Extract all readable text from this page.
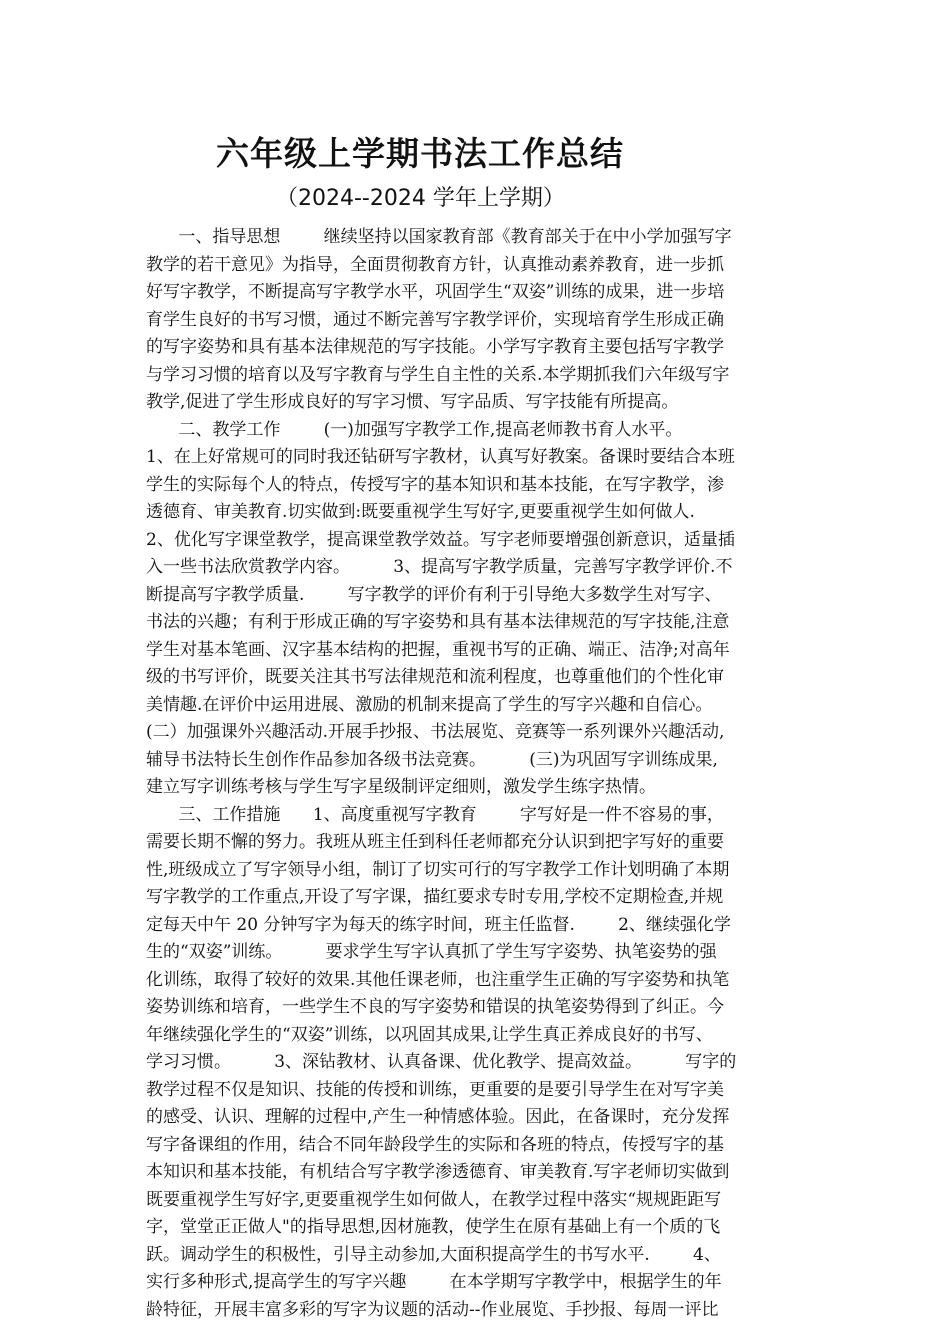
六年级上学期书法工作总结

（2024--2024 学年上学期）

一、指导思想        继续坚持以国家教育部《教育部关于在中小学加强写字
教学的若干意见》为指导，全面贯彻教育方针，认真推动素养教育，进一步抓
好写字教学，不断提高写字教学水平，巩固学生“双姿”训练的成果，进一步培
育学生良好的书写习惯，通过不断完善写字教学评价，实现培育学生形成正确
的写字姿势和具有基本法律规范的写字技能。小学写字教育主要包括写字教学
与学习习惯的培育以及写字教育与学生自主性的关系.本学期抓我们六年级写字
教学,促进了学生形成良好的写字习惯、写字品质、写字技能有所提高。
二、教学工作        (一)加强写字教学工作,提高老师教书育人水平。
1、在上好常规可的同时我还钻研写字教材，认真写好教案。备课时要结合本班
学生的实际每个人的特点，传授写字的基本知识和基本技能，在写字教学，渗
透德育、审美教育.切实做到:既要重视学生写好字,更要重视学生如何做人.
2、优化写字课堂教学，提高课堂教学效益。写字老师要增强创新意识，适量插
入一些书法欣赏教学内容。        3、提高写字教学质量，完善写字教学评价.不
断提高写字教学质量.        写字教学的评价有利于引导绝大多数学生对写字、
书法的兴趣；有利于形成正确的写字姿势和具有基本法律规范的写字技能,注意
学生对基本笔画、汉字基本结构的把握，重视书写的正确、端正、洁净;对高年
级的书写评价，既要关注其书写法律规范和流利程度，也尊重他们的个性化审
美情趣.在评价中运用进展、激励的机制来提高了学生的写字兴趣和自信心。
(二）加强课外兴趣活动.开展手抄报、书法展览、竞赛等一系列课外兴趣活动,
辅导书法特长生创作作品参加各级书法竞赛。        (三)为巩固写字训练成果,
建立写字训练考核与学生写字星级制评定细则，激发学生练字热情。
三、工作措施      1、高度重视写字教育        字写好是一件不容易的事，
需要长期不懈的努力。我班从班主任到科任老师都充分认识到把字写好的重要
性,班级成立了写字领导小组，制订了切实可行的写字教学工作计划明确了本期
写字教学的工作重点,开设了写字课，描红要求专时专用,学校不定期检查,并规
定每天中午 20 分钟写字为每天的练字时间，班主任监督.        2、继续强化学
生的“双姿”训练。        要求学生写字认真抓了学生写字姿势、执笔姿势的强
化训练，取得了较好的效果.其他任课老师，也注重学生正确的写字姿势和执笔
姿势训练和培育，一些学生不良的写字姿势和错误的执笔姿势得到了纠正。今
年继续强化学生的“双姿”训练，以巩固其成果,让学生真正养成良好的书写、
学习习惯。        3、深钻教材、认真备课、优化教学、提高效益。        写字的
教学过程不仅是知识、技能的传授和训练，更重要的是要引导学生在对写字美
的感受、认识、理解的过程中,产生一种情感体验。因此，在备课时，充分发挥
写字备课组的作用，结合不同年龄段学生的实际和各班的特点，传授写字的基
本知识和基本技能，有机结合写字教学渗透德育、审美教育.写字老师切实做到
既要重视学生写好字,更要重视学生如何做人，在教学过程中落实“规规距距写
字，堂堂正正做人"的指导思想,因材施教，使学生在原有基础上有一个质的飞
跃。调动学生的积极性，引导主动参加,大面积提高学生的书写水平.        4、
实行多种形式,提高学生的写字兴趣        在本学期写字教学中，根据学生的年
龄特征，开展丰富多彩的写字为议题的活动--作业展览、手抄报、每周一评比
